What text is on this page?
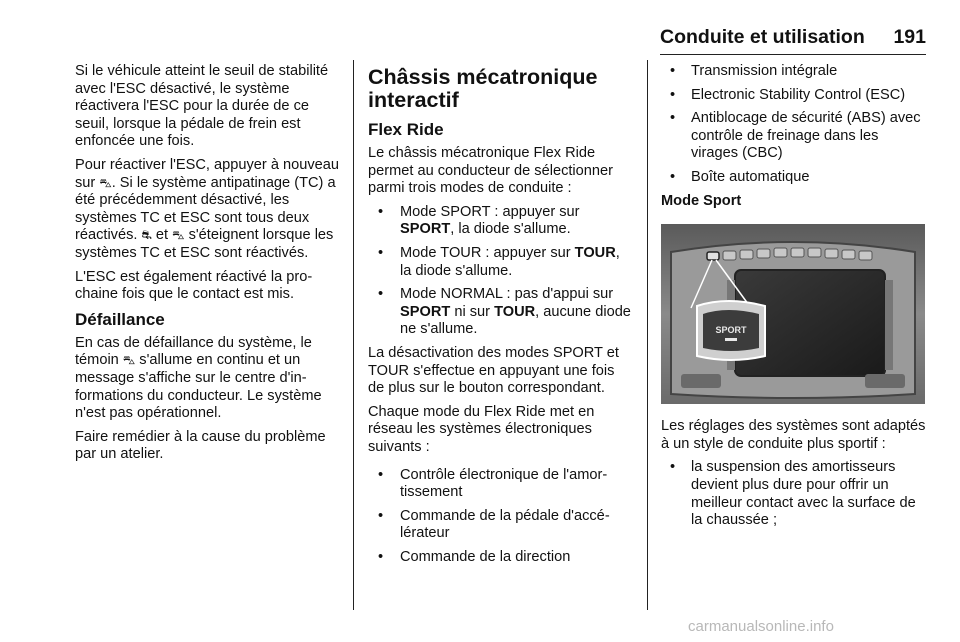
Conduite et utilisation 191

Si le véhicule atteint le seuil de stabilité avec l'ESC désactivé, le système réactivera l'ESC pour la durée de ce seuil, lorsque la pédale de frein est enfoncée une fois.

Pour réactiver l'ESC, appuyer à nouveau sur ⛍. Si le système antipatinage (TC) a été précédemment désactivé, les systèmes TC et ESC sont tous deux réactivés. ⛐ et ⛍ s'éteignent lorsque les systèmes TC et ESC sont réactivés.

L'ESC est également réactivé la prochaine fois que le contact est mis.

Défaillance

En cas de défaillance du système, le témoin ⛍ s'allume en continu et un message s'affiche sur le centre d'informations du conducteur. Le système n'est pas opérationnel.

Faire remédier à la cause du problème par un atelier.

Châssis mécatronique interactif
Flex Ride

Le châssis mécatronique Flex Ride permet au conducteur de sélectionner parmi trois modes de conduite :

• Mode SPORT : appuyer sur SPORT, la diode s'allume.
• Mode TOUR : appuyer sur TOUR, la diode s'allume.
• Mode NORMAL : pas d'appui sur SPORT ni sur TOUR, aucune diode ne s'allume.

La désactivation des modes SPORT et TOUR s'effectue en appuyant une fois de plus sur le bouton correspondant.

Chaque mode du Flex Ride met en réseau les systèmes électroniques suivants :

• Contrôle électronique de l'amortissement
• Commande de la pédale d'accélérateur
• Commande de la direction
• Transmission intégrale
• Electronic Stability Control (ESC)
• Antiblocage de sécurité (ABS) avec contrôle de freinage dans les virages (CBC)
• Boîte automatique
Mode Sport
SPORT

Les réglages des systèmes sont adaptés à un style de conduite plus sportif :

• la suspension des amortisseurs devient plus dure pour offrir un meilleur contact avec la surface de la chaussée ;
carmanualsonline.info
